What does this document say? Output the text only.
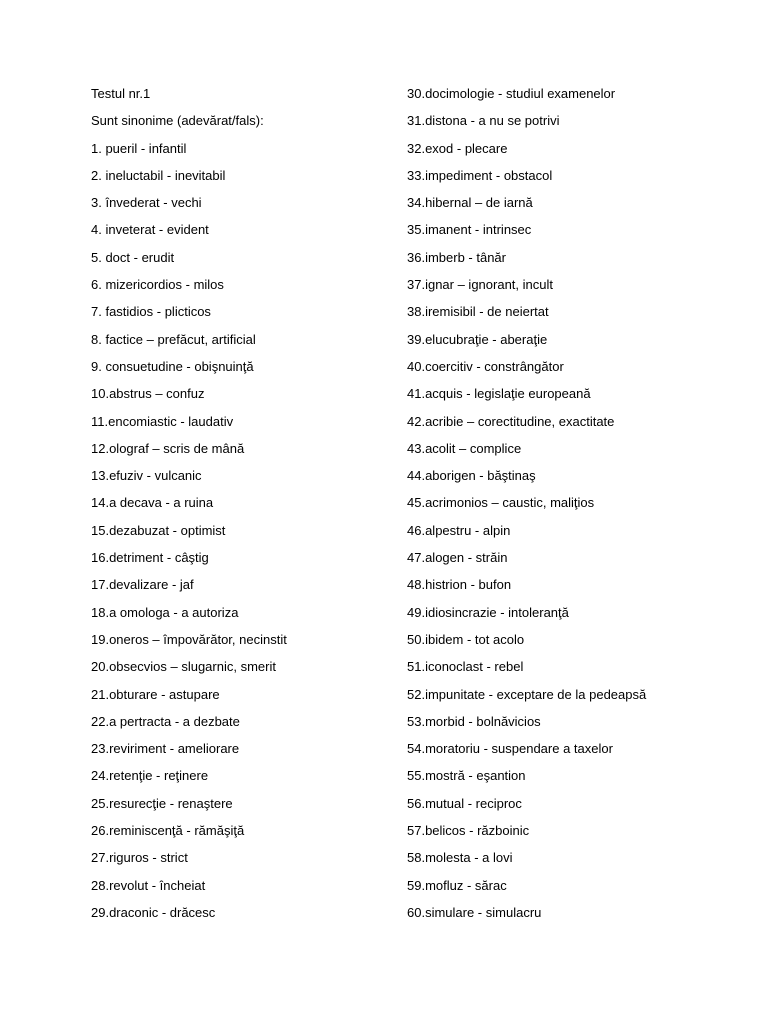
Testul nr.1
Sunt sinonime (adevărat/fals):
1. pueril - infantil
2. ineluctabil - inevitabil
3. învederat - vechi
4. inveterat - evident
5. doct - erudit
6. mizericordios - milos
7. fastidios - plicticos
8. factice – prefăcut, artificial
9. consuetudine - obişnuinţă
10.abstrus – confuz
11.encomiastic - laudativ
12.olograf – scris de mână
13.efuziv - vulcanic
14.a decava - a ruina
15.dezabuzat - optimist
16.detriment - câştig
17.devalizare - jaf
18.a omologa - a autoriza
19.oneros – împovărător, necinstit
20.obsecvios – slugarnic, smerit
21.obturare - astupare
22.a pertracta - a dezbate
23.reviriment - ameliorare
24.retenţie - reţinere
25.resurecţie - renaştere
26.reminiscenţă - rămăşiţă
27.riguros - strict
28.revolut - încheiat
29.draconic - drăcesc
30.docimologie - studiul examenelor
31.distona - a nu se potrivi
32.exod - plecare
33.impediment - obstacol
34.hibernal – de iarnă
35.imanent - intrinsec
36.imberb - tânăr
37.ignar – ignorant, incult
38.iremisibil - de neiertat
39.elucubraţie - aberaţie
40.coercitiv - constrângător
41.acquis - legislaţie europeană
42.acribie – corectitudine, exactitate
43.acolit – complice
44.aborigen - băştinaş
45.acrimonios – caustic, maliţios
46.alpestru - alpin
47.alogen - străin
48.histrion - bufon
49.idiosincrazie - intoleranţă
50.ibidem - tot acolo
51.iconoclast - rebel
52.impunitate - exceptare de la pedeapsă
53.morbid - bolnăvicios
54.moratoriu - suspendare a taxelor
55.mostră - eşantion
56.mutual - reciproc
57.belicos - războinic
58.molesta - a lovi
59.mofluz - sărac
60.simulare - simulacru
